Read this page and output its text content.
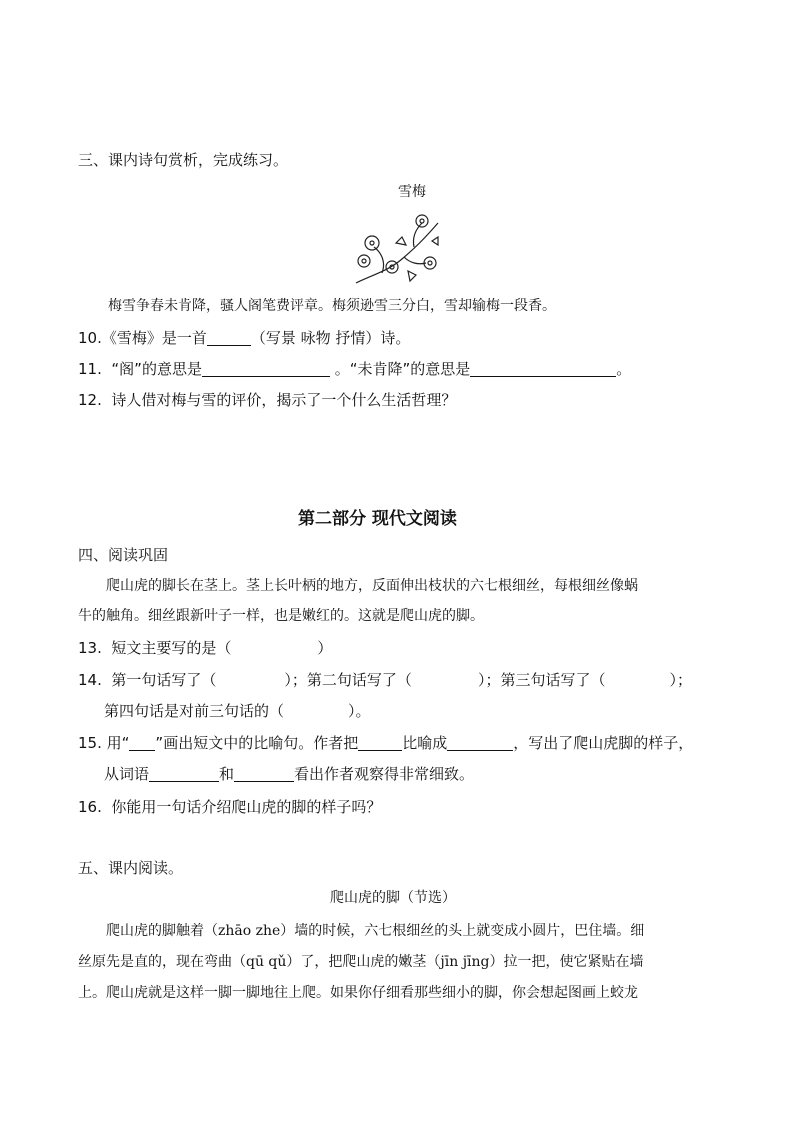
三、课内诗句赏析，完成练习。
雪梅
梅雪争春未肯降，骚人阁笔费评章。梅须逊雪三分白，雪却输梅一段香。
10.《雪梅》是一首	（写景 咏物 抒情）诗。
11. “阁”的意思是	。“未肯降”的意思是	。
12. 诗人借对梅与雪的评价，揭示了一个什么生活哲理？
第二部分 现代文阅读
四、阅读巩固
爬山虎的脚长在茎上。茎上长叶柄的地方，反面伸出枝状的六七根细丝，每根细丝像蜗
牛的触角。细丝跟新叶子一样，也是嫩红的。这就是爬山虎的脚。
13. 短文主要写的是（	）
14. 第一句话写了（	）；第二句话写了（	）；第三句话写了（	）；
第四句话是对前三句话的（	）。
15. 用“ ”画出短文中的比喻句。作者把	比喻成	，写出了爬山虎脚的样子，
从词语	和	看出作者观察得非常细致。
16. 你能用一句话介绍爬山虎的脚的样子吗？
五、课内阅读。
爬山虎的脚（节选）
爬山虎的脚触着（zhāo zhe）墙的时候，六七根细丝的头上就变成小圆片，巴住墙。细
丝原先是直的，现在弯曲（qū qǔ）了，把爬山虎的嫩茎（jīn jīng）拉一把，使它紧贴在墙
上。爬山虎就是这样一脚一脚地往上爬。如果你仔细看那些细小的脚，你会想起图画上蛟龙
